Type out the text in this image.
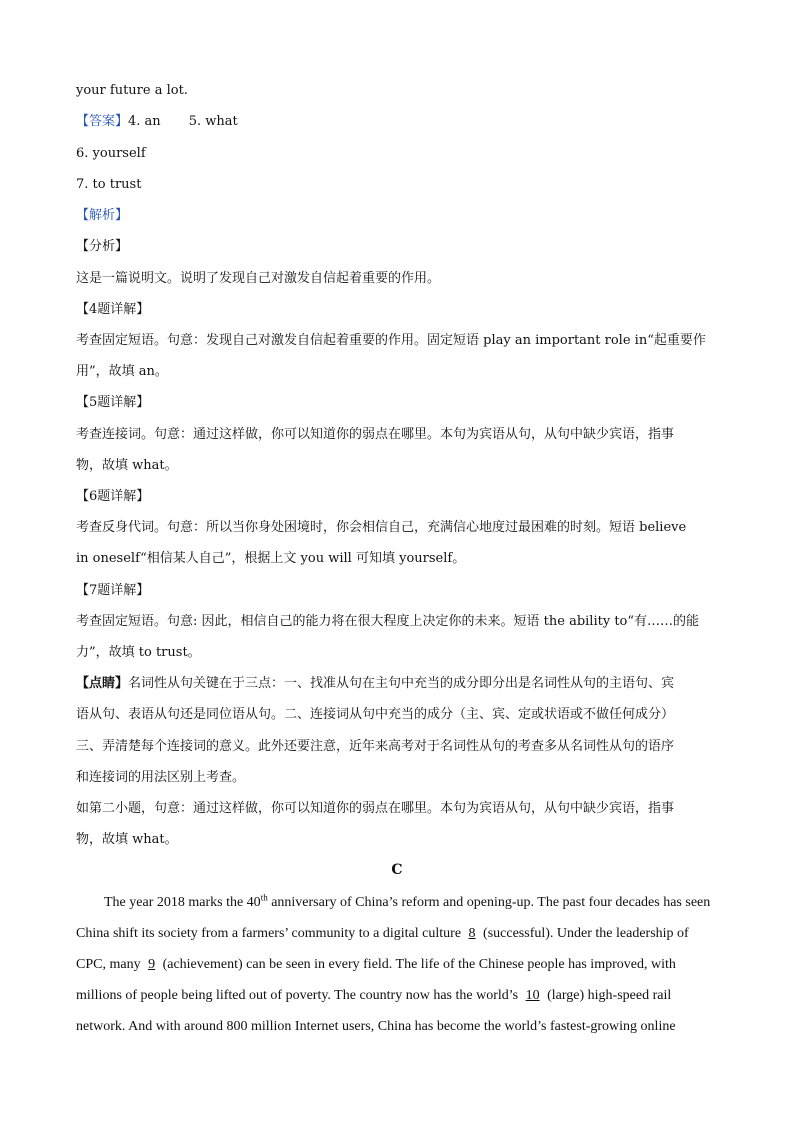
your future a lot.
【答案】4. an 5. what
6. yourself
7. to trust
【解析】
【分析】
这是一篇说明文。说明了发现自己对激发自信起着重要的作用。
【4题详解】
考查固定短语。句意：发现自己对激发自信起着重要的作用。固定短语 play an important role in“起重要作
用”，故填 an。
【5题详解】
考查连接词。句意：通过这样做，你可以知道你的弱点在哪里。本句为宾语从句，从句中缺少宾语，指事
物，故填 what。
【6题详解】
考查反身代词。句意：所以当你身处困境时，你会相信自己，充满信心地度过最困难的时刻。短语 believe
in oneself“相信某人自己”，根据上文 you will 可知填 yourself。
【7题详解】
考查固定短语。句意: 因此，相信自己的能力将在很大程度上决定你的未来。短语 the ability to“有……的能
力”，故填 to trust。
【点睛】名词性从句关键在于三点：一、找准从句在主句中充当的成分即分出是名词性从句的主语句、宾
语从句、表语从句还是同位语从句。二、连接词从句中充当的成分（主、宾、定或状语或不做任何成分）
三、弄清楚每个连接词的意义。此外还要注意，近年来高考对于名词性从句的考查多从名词性从句的语序
和连接词的用法区别上考查。
如第二小题，句意：通过这样做，你可以知道你的弱点在哪里。本句为宾语从句，从句中缺少宾语，指事
物，故填 what。
C
The year 2018 marks the 40th anniversary of China’s reform and opening-up. The past four decades has seen
China shift its society from a farmers’ community to a digital culture 8 (successful). Under the leadership of
CPC, many 9 (achievement) can be seen in every field. The life of the Chinese people has improved, with
millions of people being lifted out of poverty. The country now has the world’s 10 (large) high-speed rail
network. And with around 800 million Internet users, China has become the world’s fastest-growing online
